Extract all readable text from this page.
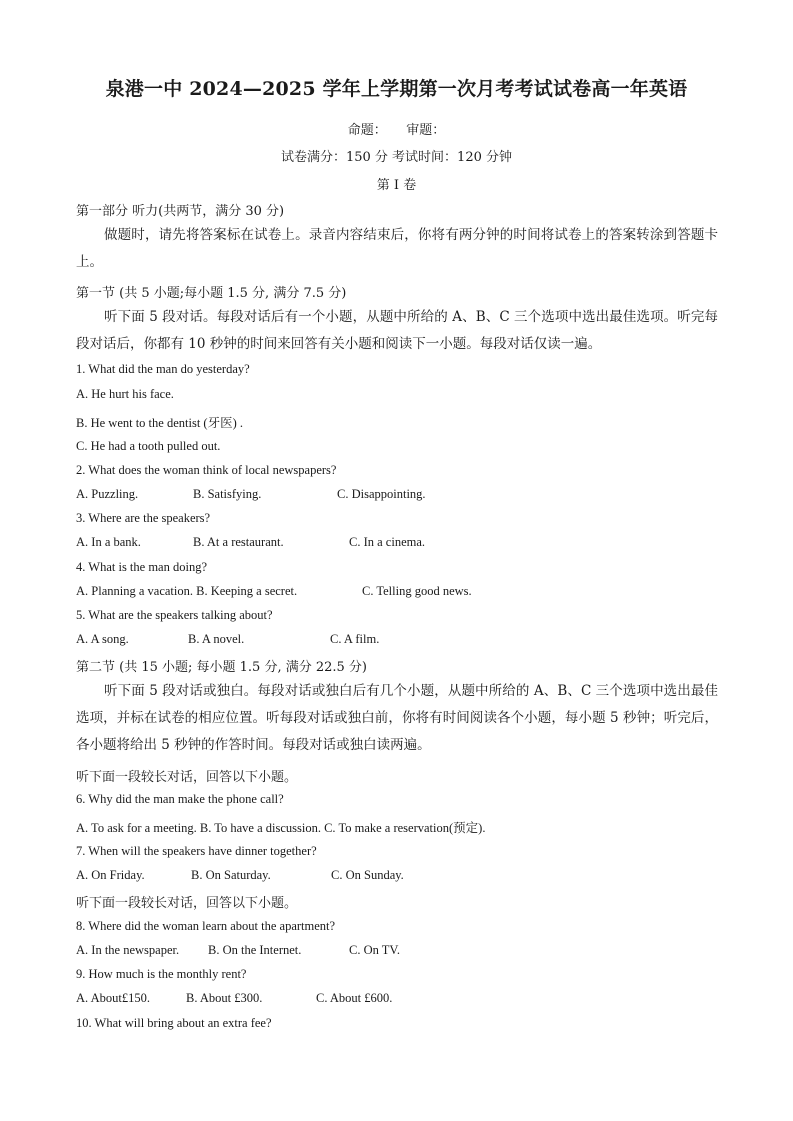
泉港一中 2024—2025 学年上学期第一次月考考试试卷高一年英语
命题：　　审题：
试卷满分：150 分 考试时间：120 分钟
第 I 卷
第一部分 听力(共两节，满分 30 分)
做题时，请先将答案标在试卷上。录音内容结束后，你将有两分钟的时间将试卷上的答案转涂到答题卡上。
第一节 (共 5 小题;每小题 1.5 分, 满分 7.5 分)
听下面 5 段对话。每段对话后有一个小题，从题中所给的 A、B、C 三个选项中选出最佳选项。听完每段对话后，你都有 10 秒钟的时间来回答有关小题和阅读下一小题。每段对话仅读一遍。
1. What did the man do yesterday?
A. He hurt his face.
B. He went to the dentist (牙医) .
C. He had a tooth pulled out.
2. What does the woman think of local newspapers?
A. Puzzling.	B. Satisfying.	C. Disappointing.
3. Where are the speakers?
A. In a bank.	B. At a restaurant.	C. In a cinema.
4. What is the man doing?
A. Planning a vacation. B. Keeping a secret.	C. Telling good news.
5. What are the speakers talking about?
A. A song.	B. A novel.	C. A film.
第二节 (共 15 小题; 每小题 1.5 分, 满分 22.5 分)
听下面 5 段对话或独白。每段对话或独白后有几个小题，从题中所给的 A、B、C 三个选项中选出最佳选项，并标在试卷的相应位置。听每段对话或独白前，你将有时间阅读各个小题，每小题 5 秒钟；听完后，各小题将给出 5 秒钟的作答时间。每段对话或独白读两遍。
听下面一段较长对话，回答以下小题。
6. Why did the man make the phone call?
A. To ask for a meeting. B. To have a discussion. C. To make a reservation(预定).
7. When will the speakers have dinner together?
A. On Friday.	B. On Saturday.	C. On Sunday.
听下面一段较长对话，回答以下小题。
8. Where did the woman learn about the apartment?
A. In the newspaper. B. On the Internet.	C. On TV.
9. How much is the monthly rent?
A. About£150.	B. About £300.	C. About £600.
10. What will bring about an extra fee?
